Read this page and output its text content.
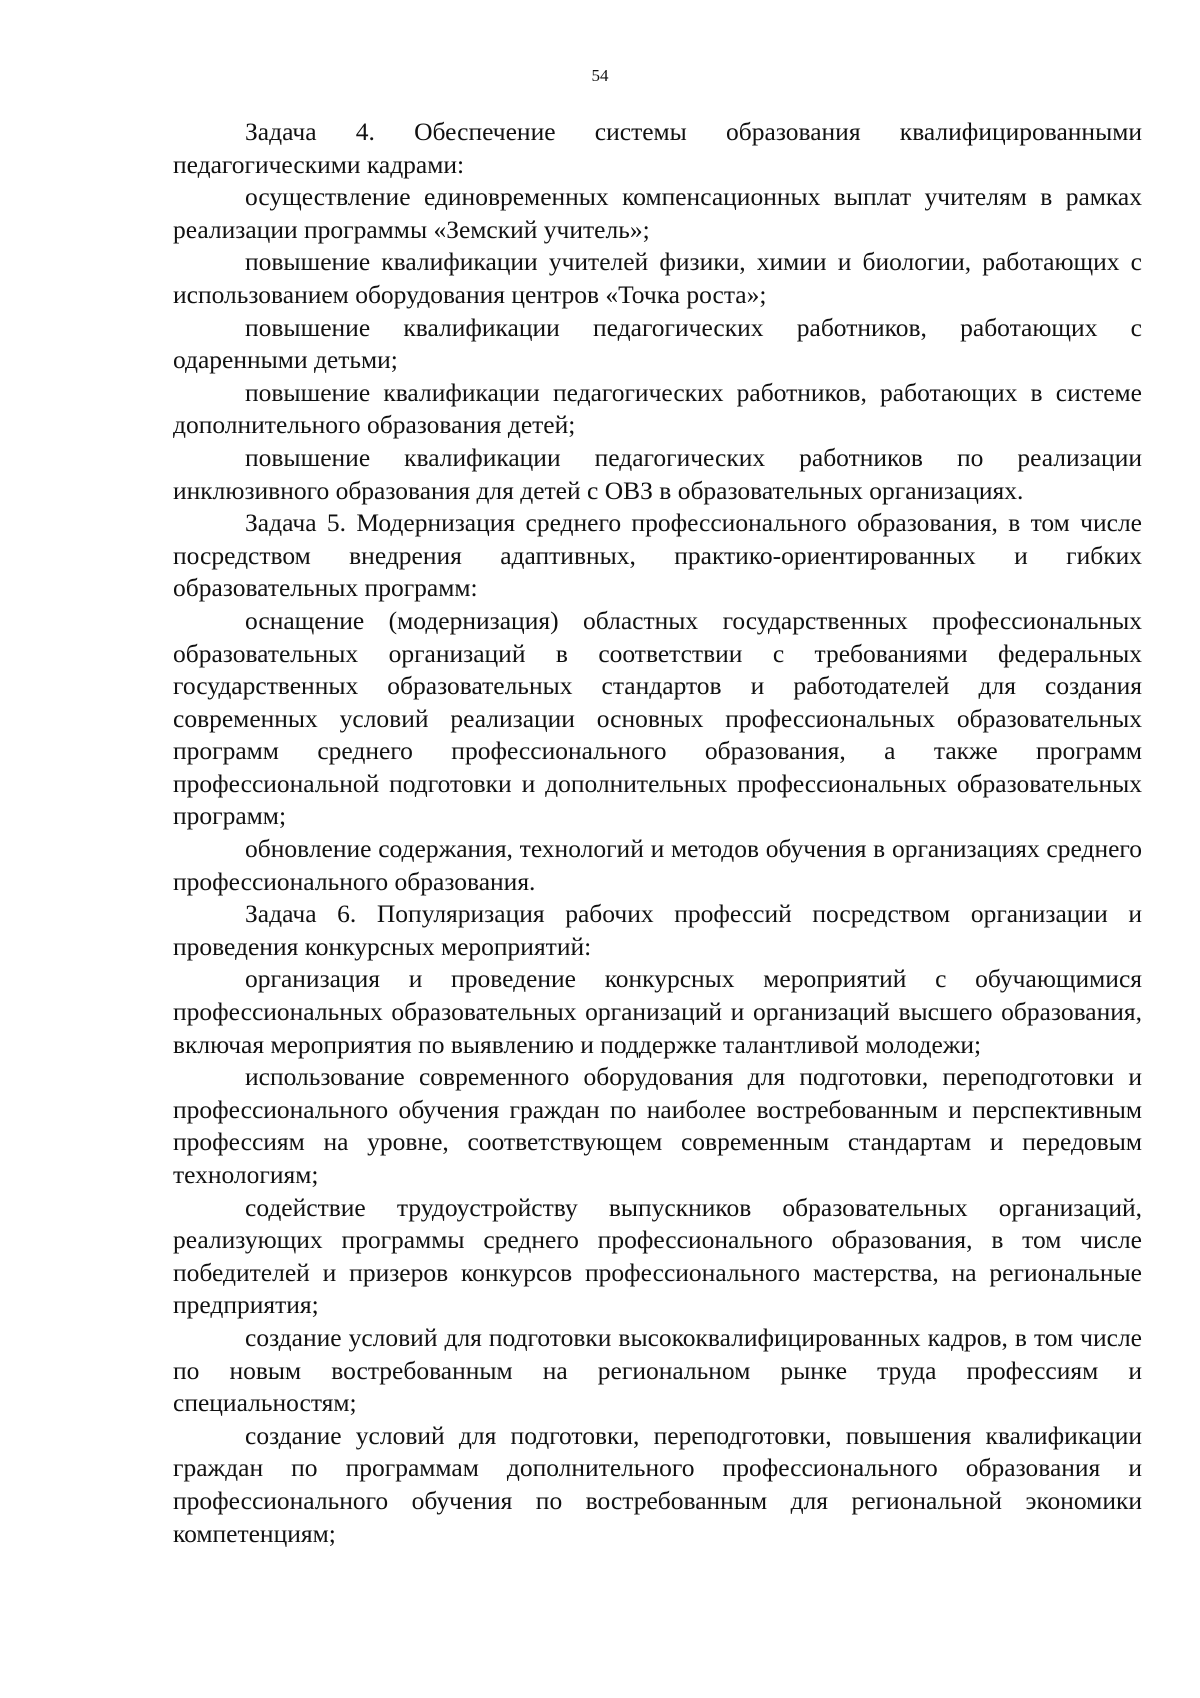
54

Задача 4. Обеспечение системы образования квалифицированными педагогическими кадрами:

осуществление единовременных компенсационных выплат учителям в рамках реализации программы «Земский учитель»;

повышение квалификации учителей физики, химии и биологии, работающих с использованием оборудования центров «Точка роста»;

повышение квалификации педагогических работников, работающих с одаренными детьми;

повышение квалификации педагогических работников, работающих в системе дополнительного образования детей;

повышение квалификации педагогических работников по реализации инклюзивного образования для детей с ОВЗ в образовательных организациях.

Задача 5. Модернизация среднего профессионального образования, в том числе посредством внедрения адаптивных, практико-ориентированных и гибких образовательных программ:

оснащение (модернизация) областных государственных профессиональных образовательных организаций в соответствии с требованиями федеральных государственных образовательных стандартов и работодателей для создания современных условий реализации основных профессиональных образовательных программ среднего профессионального образования, а также программ профессиональной подготовки и дополнительных профессиональных образовательных программ;

обновление содержания, технологий и методов обучения в организациях среднего профессионального образования.

Задача 6. Популяризация рабочих профессий посредством организации и проведения конкурсных мероприятий:

организация и проведение конкурсных мероприятий с обучающимися профессиональных образовательных организаций и организаций высшего образования, включая мероприятия по выявлению и поддержке талантливой молодежи;

использование современного оборудования для подготовки, переподготовки и профессионального обучения граждан по наиболее востребованным и перспективным профессиям на уровне, соответствующем современным стандартам и передовым технологиям;

содействие трудоустройству выпускников образовательных организаций, реализующих программы среднего профессионального образования, в том числе победителей и призеров конкурсов профессионального мастерства, на региональные предприятия;

создание условий для подготовки высококвалифицированных кадров, в том числе по новым востребованным на региональном рынке труда профессиям и специальностям;

создание условий для подготовки, переподготовки, повышения квалификации граждан по программам дополнительного профессионального образования и профессионального обучения по востребованным для региональной экономики компетенциям;
